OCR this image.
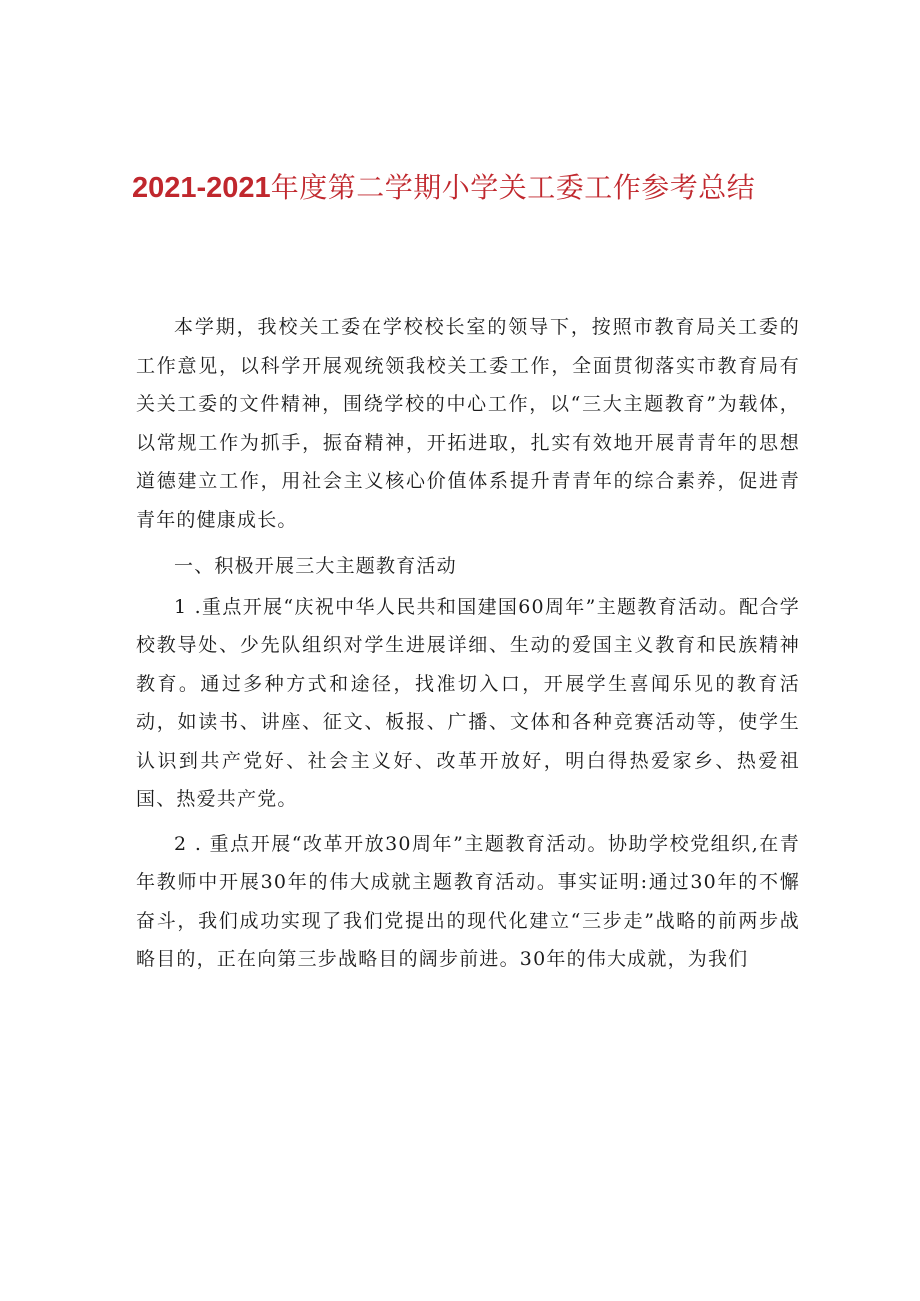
2021-2021年度第二学期小学关工委工作参考总结

本学期，我校关工委在学校校长室的领导下，按照市教育局关工委的工作意见，以科学开展观统领我校关工委工作，全面贯彻落实市教育局有关关工委的文件精神，围绕学校的中心工作，以“三大主题教育”为载体，以常规工作为抓手，振奋精神，开拓进取，扎实有效地开展青青年的思想道德建立工作，用社会主义核心价值体系提升青青年的综合素养，促进青青年的健康成长。

一、积极开展三大主题教育活动

1 .重点开展“庆祝中华人民共和国建国60周年”主题教育活动。配合学校教导处、少先队组织对学生进展详细、生动的爱国主义教育和民族精神教育。通过多种方式和途径，找准切入口，开展学生喜闻乐见的教育活动，如读书、讲座、征文、板报、广播、文体和各种竞赛活动等，使学生认识到共产党好、社会主义好、改革开放好，明白得热爱家乡、热爱祖国、热爱共产党。

2 . 重点开展“改革开放30周年”主题教育活动。协助学校党组织,在青年教师中开展30年的伟大成就主题教育活动。事实证明:通过30年的不懈奋斗，我们成功实现了我们党提出的现代化建立“三步走”战略的前两步战略目的，正在向第三步战略目的阔步前进。30年的伟大成就，为我们
